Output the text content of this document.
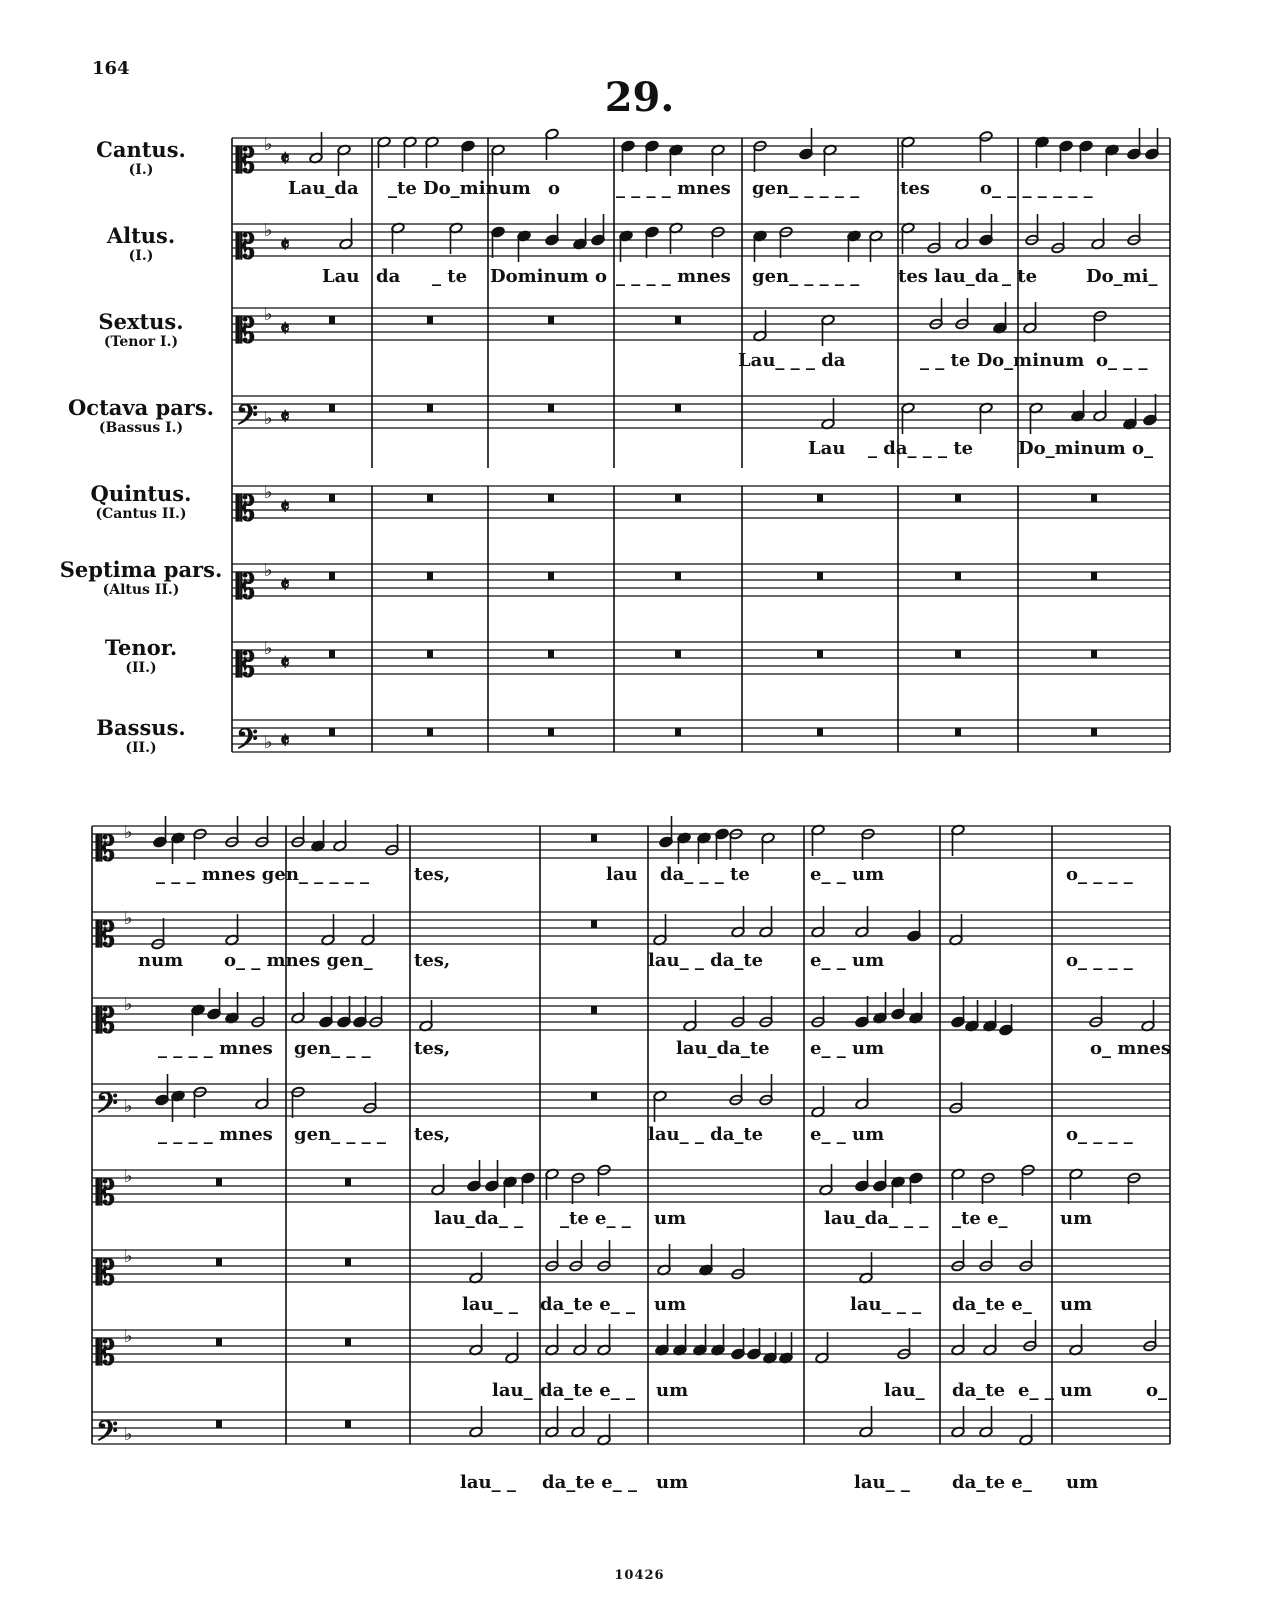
164
29.
Cantus.
(I.)
Altus.
(I.)
Sextus.
(Tenor I.)
Octava pars.
(Bassus I.)
Quintus.
(Cantus II.)
Septima pars.
(Altus II.)
Tenor.
(II.)
Bassus.
(II.)
𝄡 ♭
𝄵
𝄡 ♭
𝄵
𝄡 ♭
𝄵
𝄢 ♭ 𝄵
𝄡 ♭
𝄵
𝄡 ♭
𝄵
𝄡 ♭
𝄵
𝄢 ♭ 𝄵
𝄡 ♭
𝄡 ♭
𝄡 ♭
𝄢 ♭
𝄡 ♭
𝄡 ♭
𝄡 ♭
𝄢 ♭
10426
Lau_da _te Do_minum o	_ _ _ _ mnes gen_ _ _ _ _ tes	o_ _ _ _ _ _ _
Lau da _ te Dominum o _ _ _ _ mnes gen_ _ _ _ _ tes lau_da _ te	Do_mi_
Lau_ _ _ da	_ _ te Do_minum o_ _ _
Lau _ da_ _ _ te Do_minum o_
_ _ _ mnes gen_ _ _ _ _	tes,	lau da_ _ _ te	e_ _ um	o_ _ _ _
num o_ _ mnes gen_ tes,	lau_ _ da_te	e_ _ um	o_ _ _ _
_ _ _ _ mnes gen_ _ _ tes,	lau_da_te e_ _ um	o_ mnes
_ _ _ _ mnes gen_ _ _ _ tes,	lau_ _ da_te	e_ _ um	o_ _ _ _
lau_da_ _ _te e_ _ um	lau_da_ _ _ _te e_	um
lau_ _ da_te e_ _ um	lau_ _ _ da_te e_ um
lau_ da_te e_ _ um	lau_ da_te e_ _ um	o_
lau_ _ da_te e_ _ um	lau_ _ da_te e_ um
